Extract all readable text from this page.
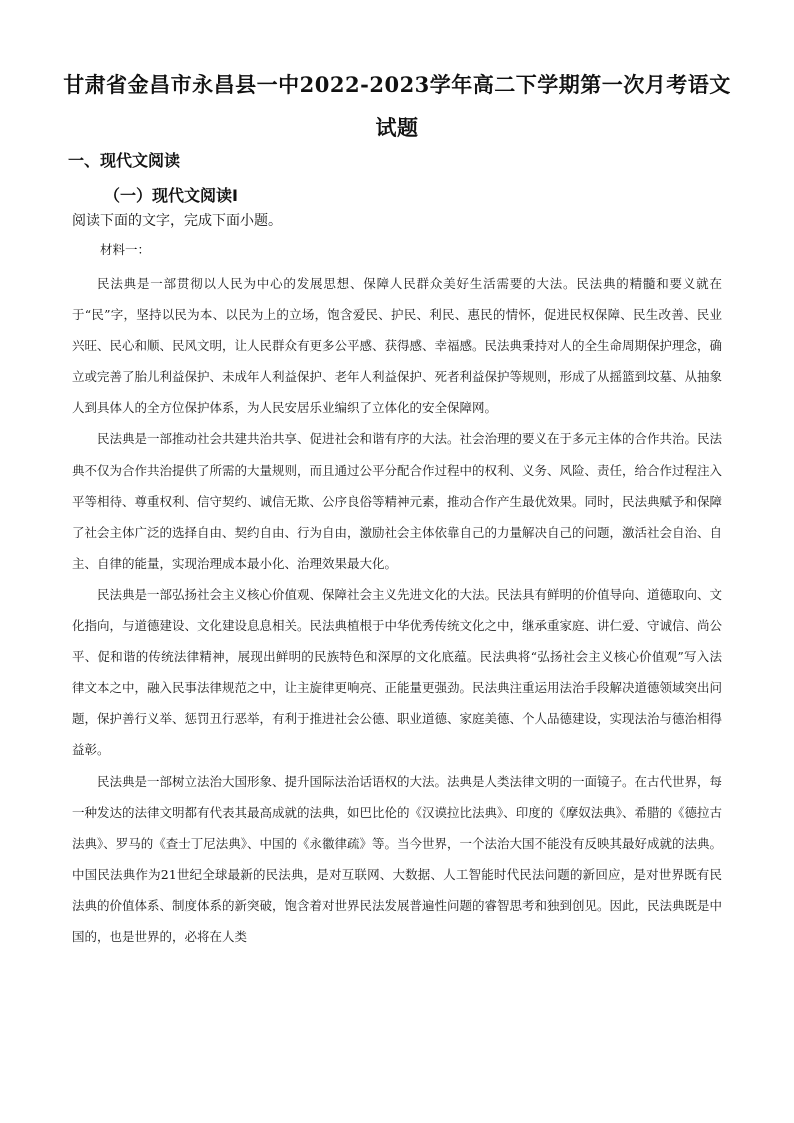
甘肃省金昌市永昌县一中2022-2023学年高二下学期第一次月考语文
试题
一、现代文阅读
（一）现代文阅读Ⅰ

阅读下面的文字，完成下面小题。

材料一：

民法典是一部贯彻以人民为中心的发展思想、保障人民群众美好生活需要的大法。民法典的精髓和要义就在于“民”字，坚持以民为本、以民为上的立场，饱含爱民、护民、利民、惠民的情怀，促进民权保障、民生改善、民业兴旺、民心和顺、民风文明，让人民群众有更多公平感、获得感、幸福感。民法典秉持对人的全生命周期保护理念，确立或完善了胎儿利益保护、未成年人利益保护、老年人利益保护、死者利益保护等规则，形成了从摇篮到坟墓、从抽象人到具体人的全方位保护体系，为人民安居乐业编织了立体化的安全保障网。

民法典是一部推动社会共建共治共享、促进社会和谐有序的大法。社会治理的要义在于多元主体的合作共治。民法典不仅为合作共治提供了所需的大量规则，而且通过公平分配合作过程中的权利、义务、风险、责任，给合作过程注入平等相待、尊重权利、信守契约、诚信无欺、公序良俗等精神元素，推动合作产生最优效果。同时，民法典赋予和保障了社会主体广泛的选择自由、契约自由、行为自由，激励社会主体依靠自己的力量解决自己的问题，激活社会自治、自主、自律的能量，实现治理成本最小化、治理效果最大化。

民法典是一部弘扬社会主义核心价值观、保障社会主义先进文化的大法。民法具有鲜明的价值导向、道德取向、文化指向，与道德建设、文化建设息息相关。民法典植根于中华优秀传统文化之中，继承重家庭、讲仁爱、守诚信、尚公平、促和谐的传统法律精神，展现出鲜明的民族特色和深厚的文化底蕴。民法典将“弘扬社会主义核心价值观”写入法律文本之中，融入民事法律规范之中，让主旋律更响亮、正能量更强劲。民法典注重运用法治手段解决道德领域突出问题，保护善行义举、惩罚丑行恶举，有利于推进社会公德、职业道德、家庭美德、个人品德建设，实现法治与德治相得益彰。

民法典是一部树立法治大国形象、提升国际法治话语权的大法。法典是人类法律文明的一面镜子。在古代世界，每一种发达的法律文明都有代表其最高成就的法典，如巴比伦的《汉谟拉比法典》、印度的《摩奴法典》、希腊的《德拉古法典》、罗马的《查士丁尼法典》、中国的《永徽律疏》等。当今世界，一个法治大国不能没有反映其最好成就的法典。中国民法典作为21世纪全球最新的民法典，是对互联网、大数据、人工智能时代民法问题的新回应，是对世界既有民法典的价值体系、制度体系的新突破，饱含着对世界民法发展普遍性问题的睿智思考和独到创见。因此，民法典既是中国的，也是世界的，必将在人类
